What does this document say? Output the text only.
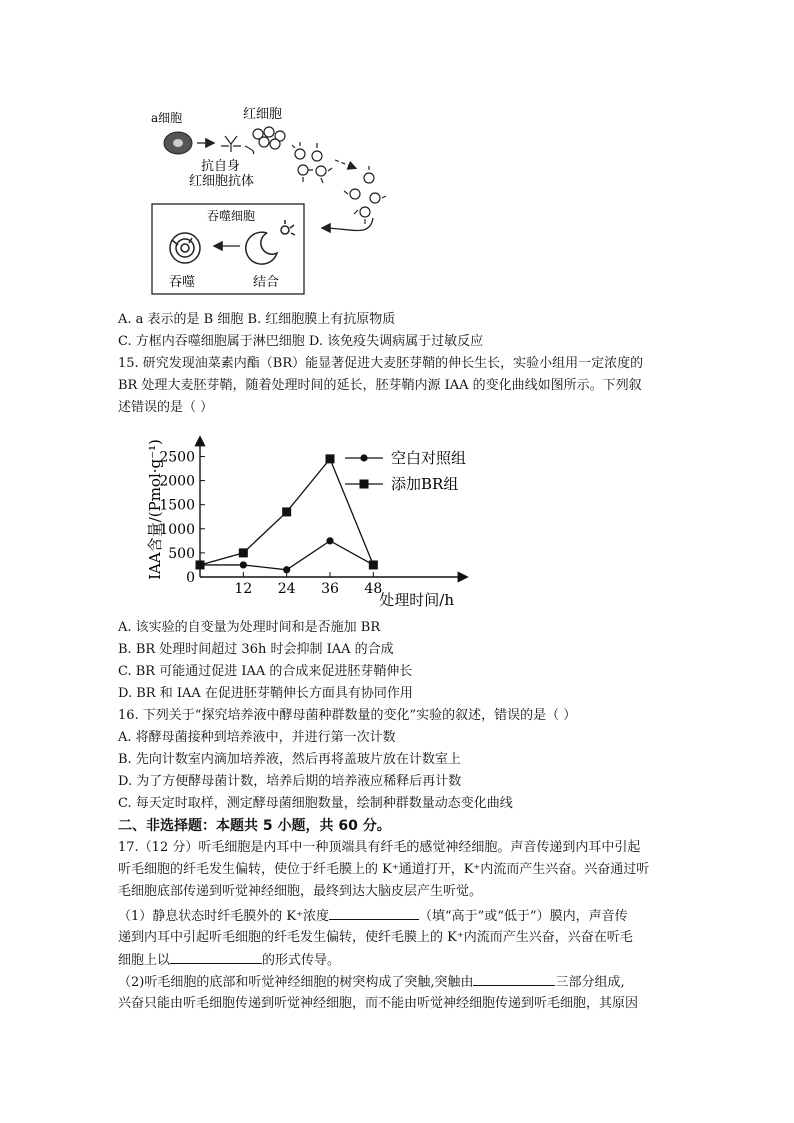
a细胞
抗自身
红细胞抗体
红细胞
吞噬细胞
吞噬	结合
A. a 表示的是 B 细胞 B. 红细胞膜上有抗原物质
C. 方框内吞噬细胞属于淋巴细胞 D. 该免疫失调病属于过敏反应
15. 研究发现油菜素内酯（BR）能显著促进大麦胚芽鞘的伸长生长，实验小组用一定浓度的
BR 处理大麦胚芽鞘，随着处理时间的延长，胚芽鞘内源 IAA 的变化曲线如图所示。下列叙
述错误的是（ ）
0
500
1000
1500
2000
2500
12 24 36 48
处理时间/h
IAA含量/(Pmol·g⁻¹)	空白对照组
添加BR组
A. 该实验的自变量为处理时间和是否施加 BR
B. BR 处理时间超过 36h 时会抑制 IAA 的合成
C. BR 可能通过促进 IAA 的合成来促进胚芽鞘伸长
D. BR 和 IAA 在促进胚芽鞘伸长方面具有协同作用
16. 下列关于“探究培养液中酵母菌种群数量的变化”实验的叙述，错误的是（ ）
A. 将酵母菌接种到培养液中，并进行第一次计数
B. 先向计数室内滴加培养液，然后再将盖玻片放在计数室上
D. 为了方便酵母菌计数，培养后期的培养液应稀释后再计数
C. 每天定时取样，测定酵母菌细胞数量，绘制种群数量动态变化曲线
二、非选择题：本题共 5 小题，共 60 分。
17.（12 分）听毛细胞是内耳中一种顶端具有纤毛的感觉神经细胞。声音传递到内耳中引起
听毛细胞的纤毛发生偏转，使位于纤毛膜上的 K⁺通道打开，K⁺内流而产生兴奋。兴奋通过听
毛细胞底部传递到听觉神经细胞，最终到达大脑皮层产生听觉。
（1）静息状态时纤毛膜外的 K⁺浓度	（填“高于”或“低于”）膜内，声音传
递到内耳中引起听毛细胞的纤毛发生偏转，使纤毛膜上的 K⁺内流而产生兴奋，兴奋在听毛
细胞上以	的形式传导。
（2)听毛细胞的底部和听觉神经细胞的树突构成了突触,突触由	三部分组成,
兴奋只能由听毛细胞传递到听觉神经细胞，而不能由听觉神经细胞传递到听毛细胞，其原因
